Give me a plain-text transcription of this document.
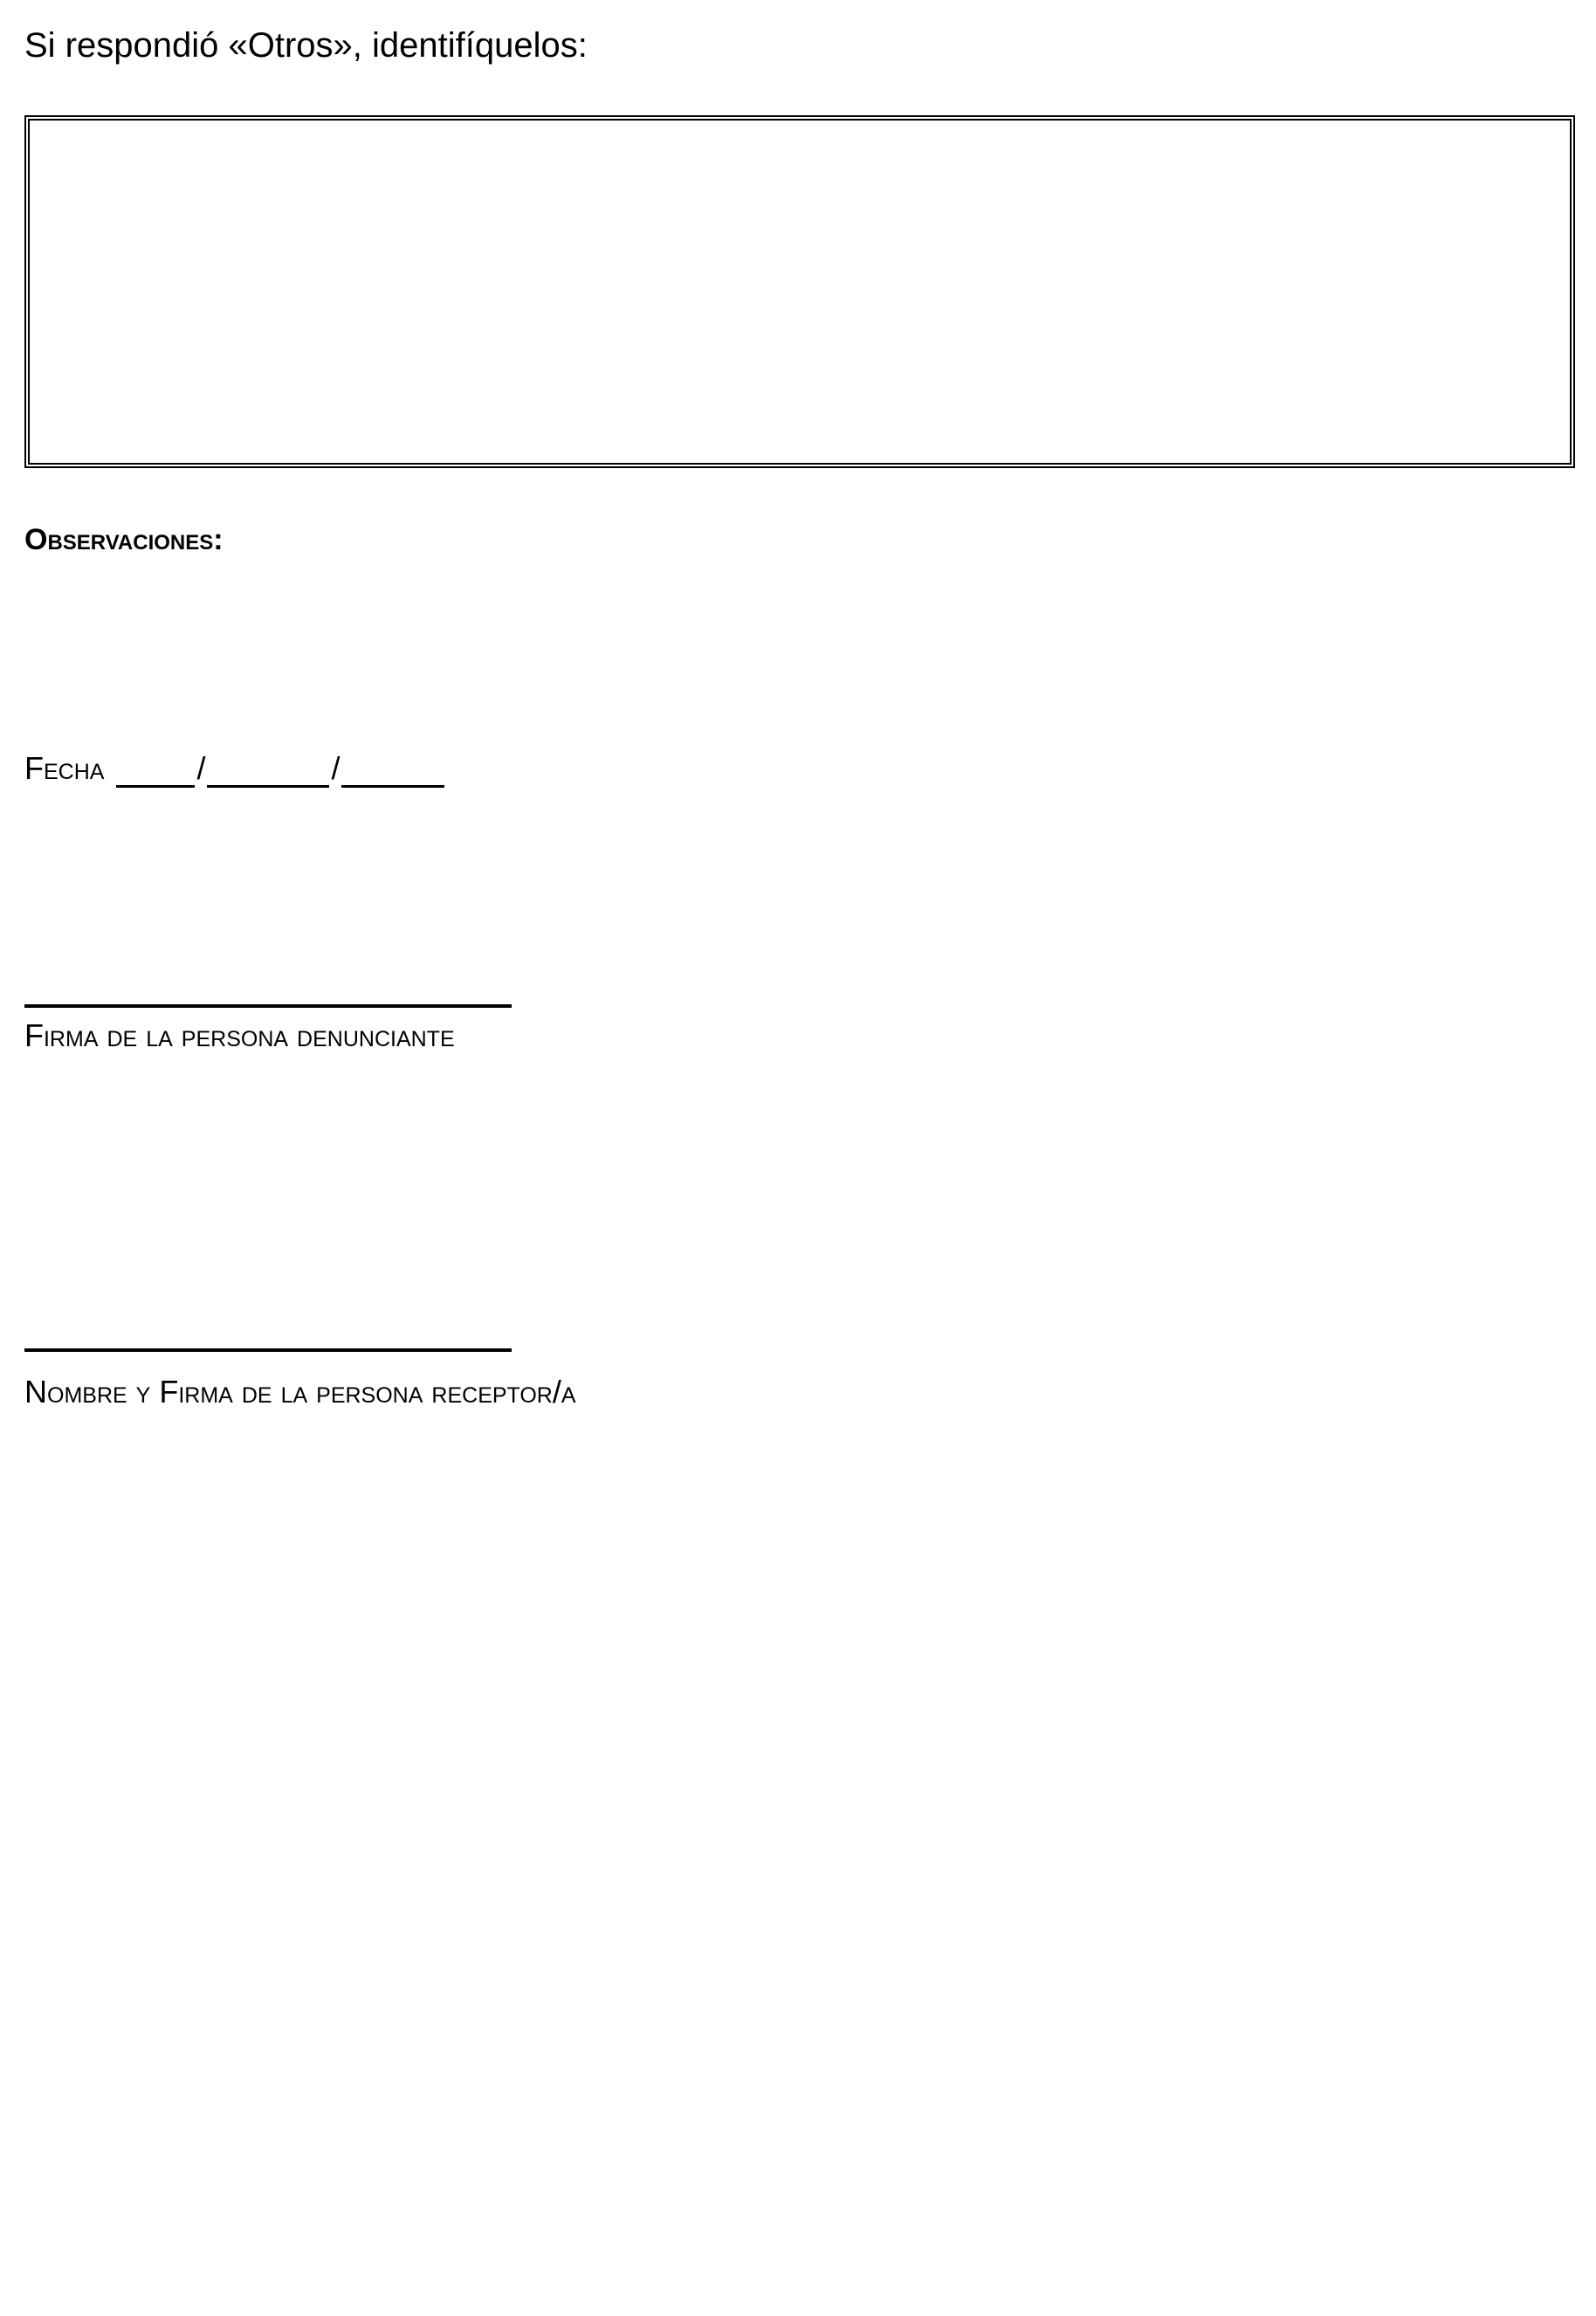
Si respondió «Otros», identifíquelos:
Observaciones:
Fecha	/	/
Firma de la persona denunciante
Nombre y Firma de la persona receptor/a
